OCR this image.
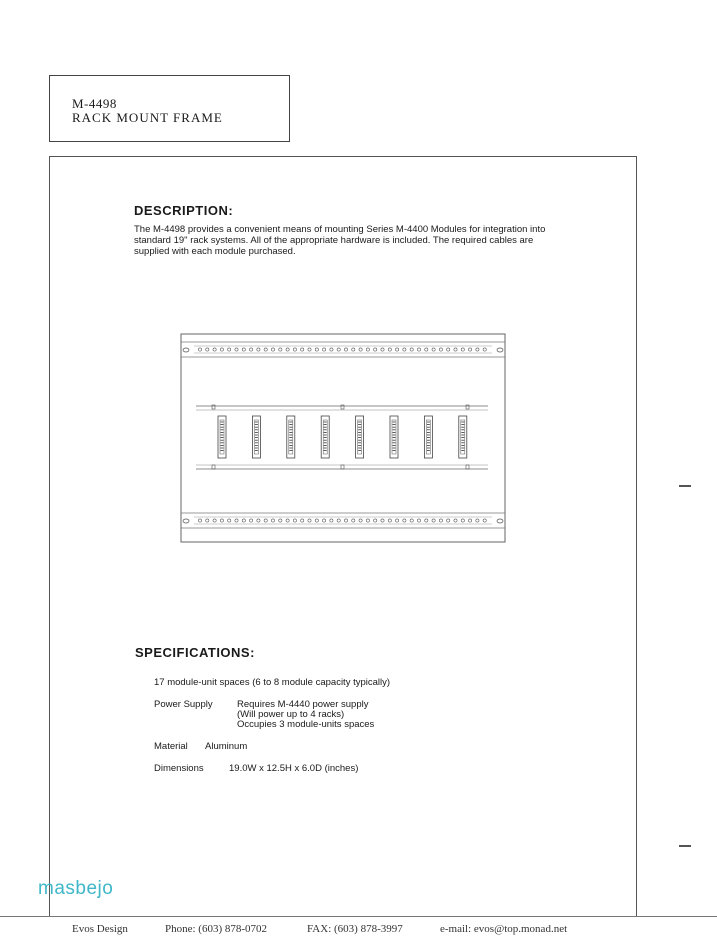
M-4498
RACK MOUNT FRAME
DESCRIPTION:
The M-4498 provides a convenient means of mounting Series M-4400 Modules for integration into standard 19" rack systems. All of the appropriate hardware is included. The required cables are supplied with each module purchased.
SPECIFICATIONS:
17 module-unit spaces (6 to 8 module capacity typically)
Power Supply	Requires M-4440 power supply
(Will power up to 4 racks)
Occupies 3 module-units spaces
Material Aluminum
Dimensions	19.0W x 12.5H x 6.0D (inches)
masbejo
Evos Design	Phone: (603) 878-0702	FAX: (603) 878-3997	e-mail: evos@top.monad.net
